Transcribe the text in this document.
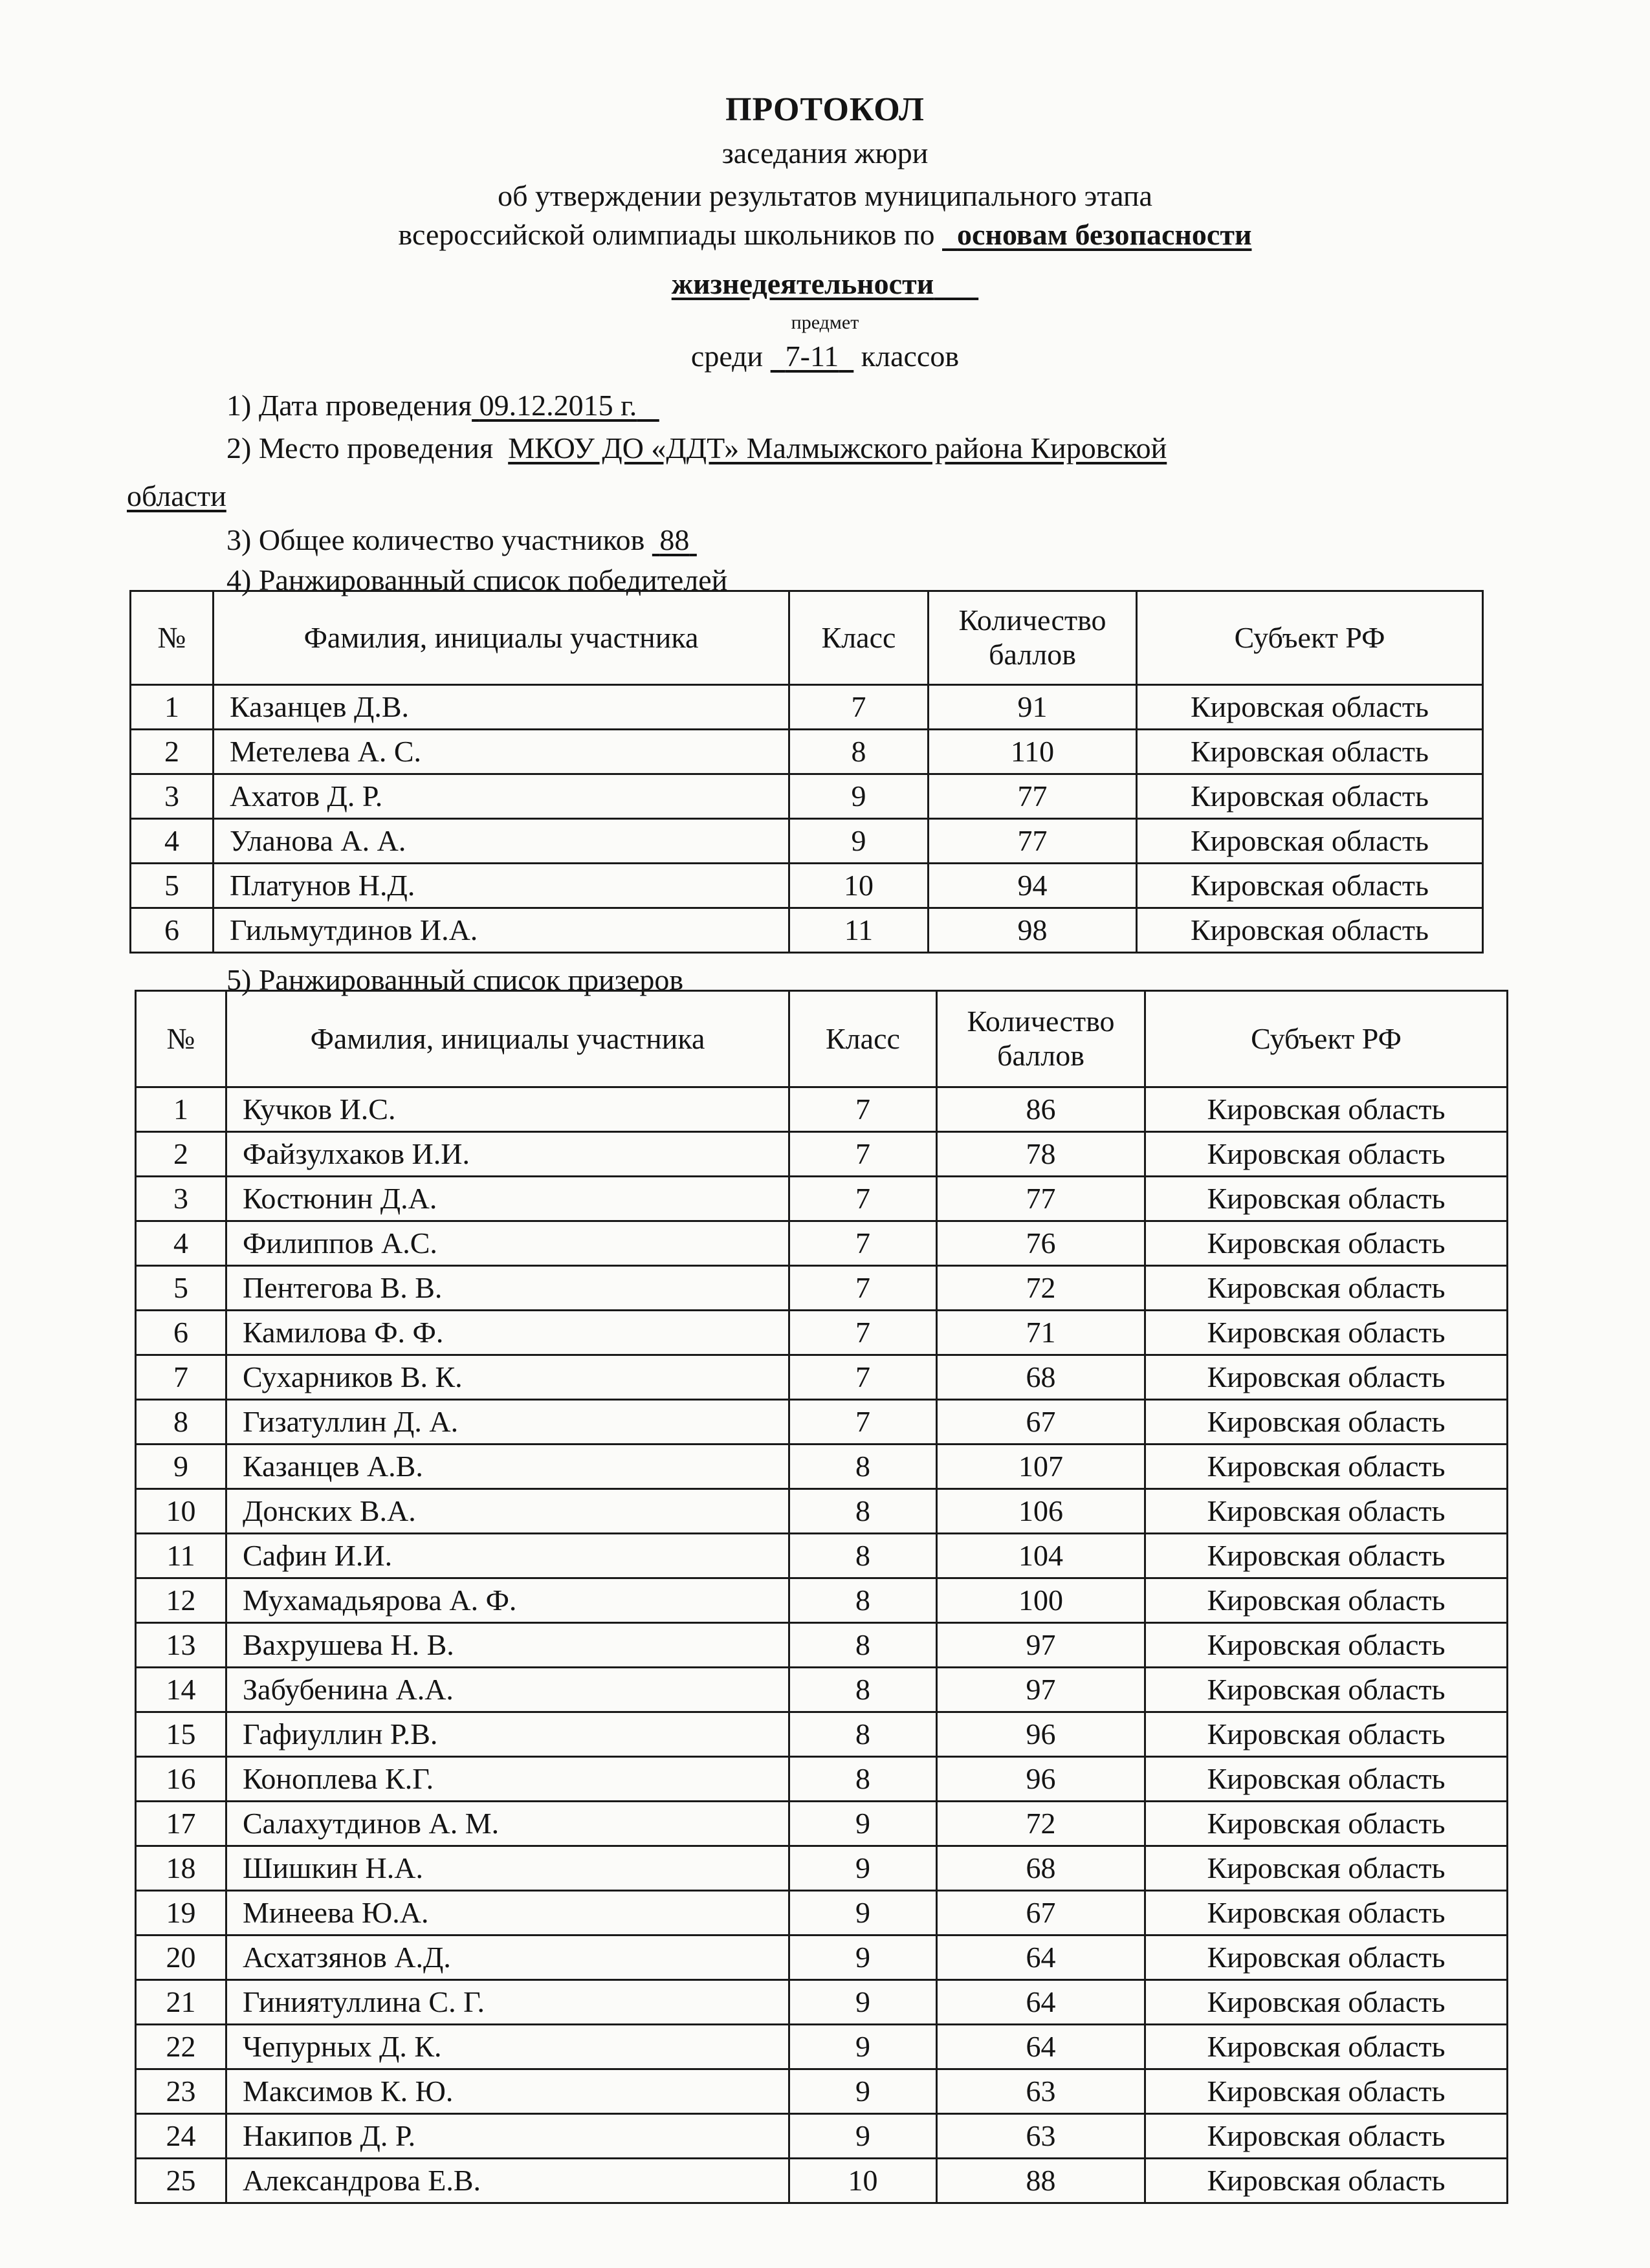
ПРОТОКОЛ
заседания жюри
об утверждении результатов муниципального этапа
всероссийской олимпиады школьников по основам безопасности
жизнедеятельности
предмет
среди 7-11 классов
1) Дата проведения 09.12.2015 г.
2) Место проведения МКОУ ДО «ДДТ» Малмыжского района Кировской
области
3) Общее количество участников 88
4) Ранжированный список победителей
№	Фамилия, инициалы участника	Класс	Количество баллов	Субъект РФ
1	Казанцев Д.В.	7	91	Кировская область
2	Метелева А. С.	8	110	Кировская область
3	Ахатов Д. Р.	9	77	Кировская область
4	Уланова А. А.	9	77	Кировская область
5	Платунов Н.Д.	10	94	Кировская область
6	Гильмутдинов И.А.	11	98	Кировская область
5) Ранжированный список призеров
№	Фамилия, инициалы участника	Класс	Количество баллов	Субъект РФ
1	Кучков И.С.	7	86	Кировская область
2	Файзулхаков И.И.	7	78	Кировская область
3	Костюнин Д.А.	7	77	Кировская область
4	Филиппов А.С.	7	76	Кировская область
5	Пентегова В. В.	7	72	Кировская область
6	Камилова Ф. Ф.	7	71	Кировская область
7	Сухарников В. К.	7	68	Кировская область
8	Гизатуллин Д. А.	7	67	Кировская область
9	Казанцев А.В.	8	107	Кировская область
10	Донских В.А.	8	106	Кировская область
11	Сафин И.И.	8	104	Кировская область
12	Мухамадьярова А. Ф.	8	100	Кировская область
13	Вахрушева Н. В.	8	97	Кировская область
14	Забубенина А.А.	8	97	Кировская область
15	Гафиуллин Р.В.	8	96	Кировская область
16	Коноплева К.Г.	8	96	Кировская область
17	Салахутдинов А. М.	9	72	Кировская область
18	Шишкин Н.А.	9	68	Кировская область
19	Минеева Ю.А.	9	67	Кировская область
20	Асхатзянов А.Д.	9	64	Кировская область
21	Гиниятуллина С. Г.	9	64	Кировская область
22	Чепурных Д. К.	9	64	Кировская область
23	Максимов К. Ю.	9	63	Кировская область
24	Накипов Д. Р.	9	63	Кировская область
25	Александрова Е.В.	10	88	Кировская область
